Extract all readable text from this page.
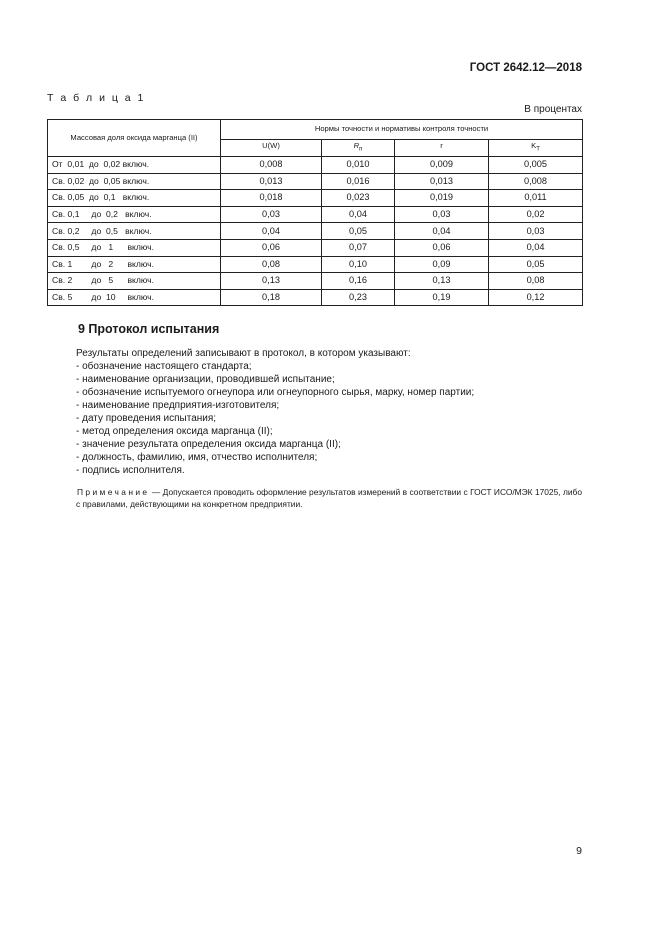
ГОСТ 2642.12—2018
Т а б л и ц а 1
В процентах
Массовая доля оксида марганца (II)	Нормы точности и нормативы контроля точности			
	U(W)	$R_п$	r	$K_Т$
От  0,01  до  0,02 включ.	0,008	0,010	0,009	0,005
Св. 0,02  до  0,05 включ.	0,013	0,016	0,013	0,008
Св. 0,05  до  0,1   включ.	0,018	0,023	0,019	0,011
Св. 0,1     до  0,2   включ.	0,03	0,04	0,03	0,02
Св. 0,2     до  0,5   включ.	0,04	0,05	0,04	0,03
Св. 0,5     до   1      включ.	0,06	0,07	0,06	0,04
Св. 1        до   2      включ.	0,08	0,10	0,09	0,05
Св. 2        до   5      включ.	0,13	0,16	0,13	0,08
Св. 5        до  10     включ.	0,18	0,23	0,19	0,12
9 Протокол испытания

Результаты определений записывают в протокол, в котором указывают:

- обозначение настоящего стандарта;

- наименование организации, проводившей испытание;

- обозначение испытуемого огнеупора или огнеупорного сырья, марку, номер партии;

- наименование предприятия-изготовителя;

- дату проведения испытания;

- метод определения оксида марганца (II);

- значение результата определения оксида марганца (II);

- должность, фамилию, имя, отчество исполнителя;

- подпись исполнителя.

Примечание — Допускается проводить оформление результатов измерений в соответствии с ГОСТ ИСО/МЭК 17025, либо с правилами, действующими на конкретном предприятии.
9
